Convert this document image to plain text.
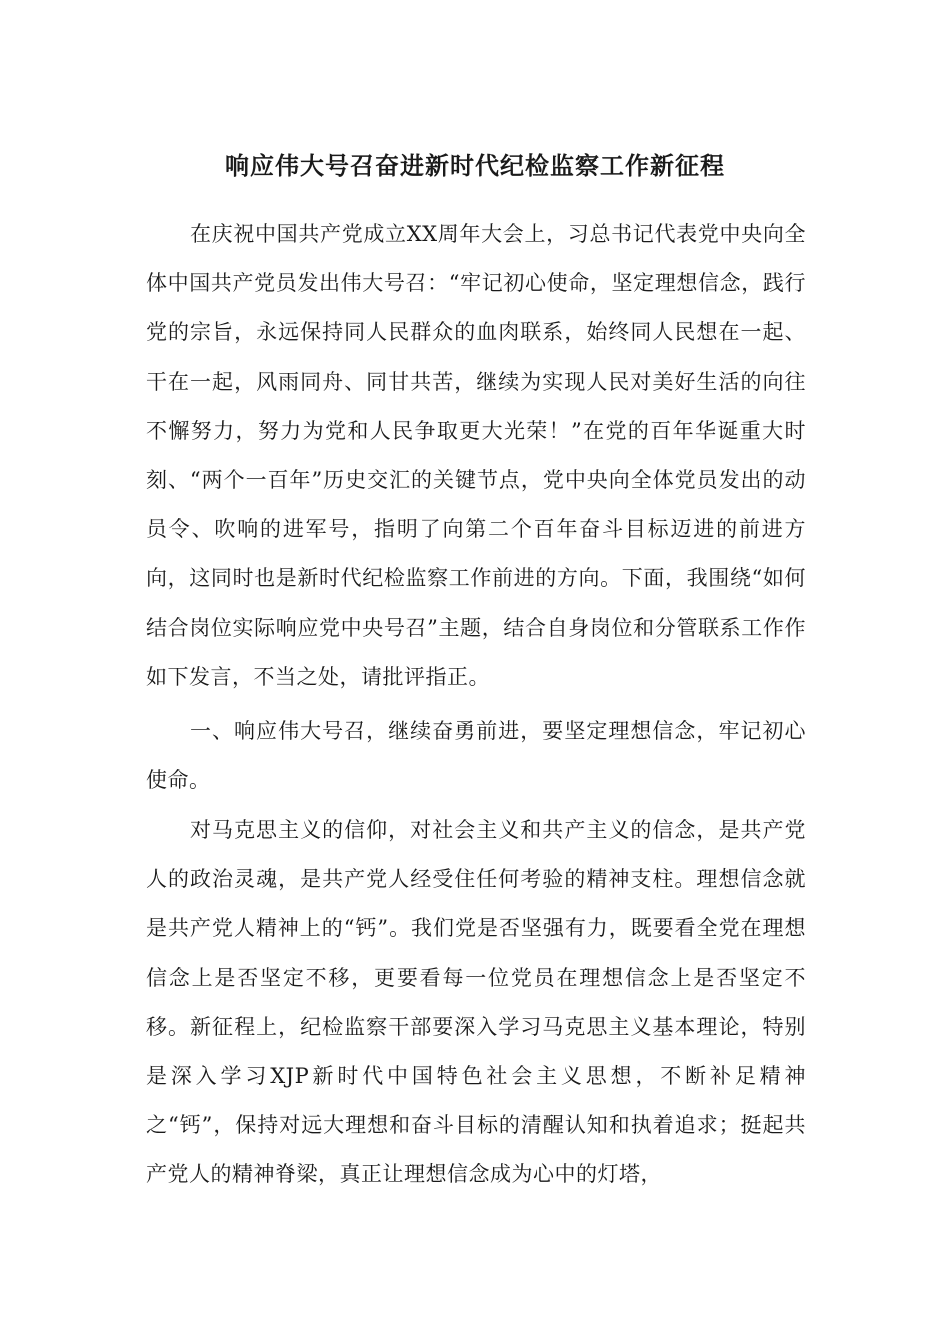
响应伟大号召奋进新时代纪检监察工作新征程

在庆祝中国共产党成立XX周年大会上，习总书记代表党中央向全体中国共产党员发出伟大号召：“牢记初心使命，坚定理想信念，践行党的宗旨，永远保持同人民群众的血肉联系，始终同人民想在一起、干在一起，风雨同舟、同甘共苦，继续为实现人民对美好生活的向往不懈努力，努力为党和人民争取更大光荣！”在党的百年华诞重大时刻、“两个一百年”历史交汇的关键节点，党中央向全体党员发出的动员令、吹响的进军号，指明了向第二个百年奋斗目标迈进的前进方向，这同时也是新时代纪检监察工作前进的方向。下面，我围绕“如何结合岗位实际响应党中央号召”主题，结合自身岗位和分管联系工作作如下发言，不当之处，请批评指正。

一、响应伟大号召，继续奋勇前进，要坚定理想信念，牢记初心使命。

对马克思主义的信仰，对社会主义和共产主义的信念，是共产党人的政治灵魂，是共产党人经受住任何考验的精神支柱。理想信念就是共产党人精神上的“钙”。我们党是否坚强有力，既要看全党在理想信念上是否坚定不移，更要看每一位党员在理想信念上是否坚定不移。新征程上，纪检监察干部要深入学习马克思主义基本理论，特别是深入学习XJP新时代中国特色社会主义思想，不断补足精神之“钙”，保持对远大理想和奋斗目标的清醒认知和执着追求；挺起共产党人的精神脊梁，真正让理想信念成为心中的灯塔，
